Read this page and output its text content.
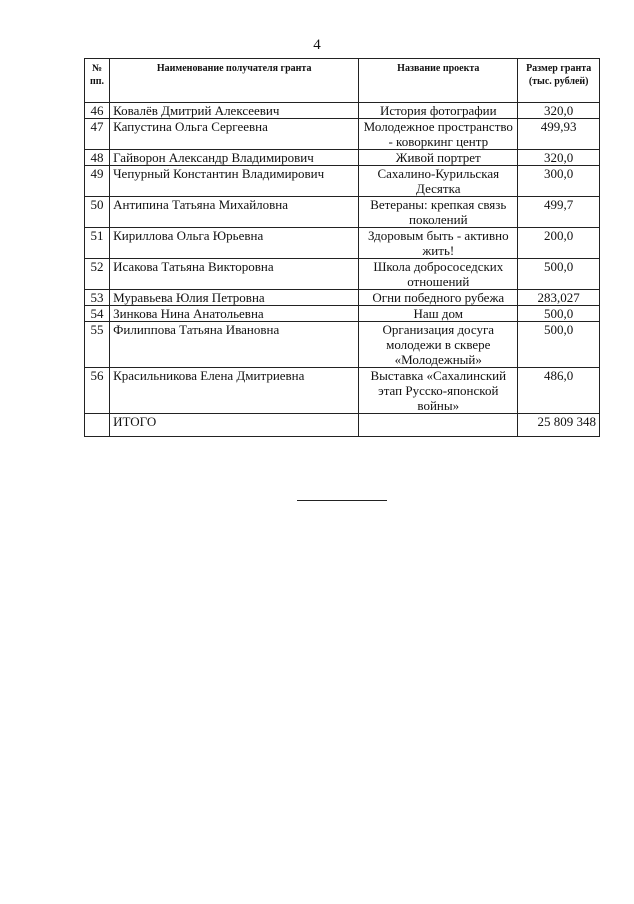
4
№
пп.	Наименование получателя гранта	Название проекта	Размер гранта (тыс. рублей)
46	Ковалёв Дмитрий Алексеевич	История фотографии	320,0
47	Капустина Ольга Сергеевна	Молодежное пространство - коворкинг центр	499,93
48	Гайворон Александр Владимирович	Живой портрет	320,0
49	Чепурный Константин Владимирович	Сахалино-Курильская Десятка	300,0
50	Антипина Татьяна Михайловна	Ветераны: крепкая связь поколений	499,7
51	Кириллова Ольга Юрьевна	Здоровым быть - активно жить!	200,0
52	Исакова Татьяна Викторовна	Школа добрососедских отношений	500,0
53	Муравьева Юлия Петровна	Огни победного рубежа	283,027
54	Зинкова Нина Анатольевна	Наш дом	500,0
55	Филиппова Татьяна Ивановна	Организация досуга молодежи в сквере «Молодежный»	500,0
56	Красильникова Елена Дмитриевна	Выставка «Сахалинский этап Русско-японской войны»	486,0
	ИТОГО		25 809 348
